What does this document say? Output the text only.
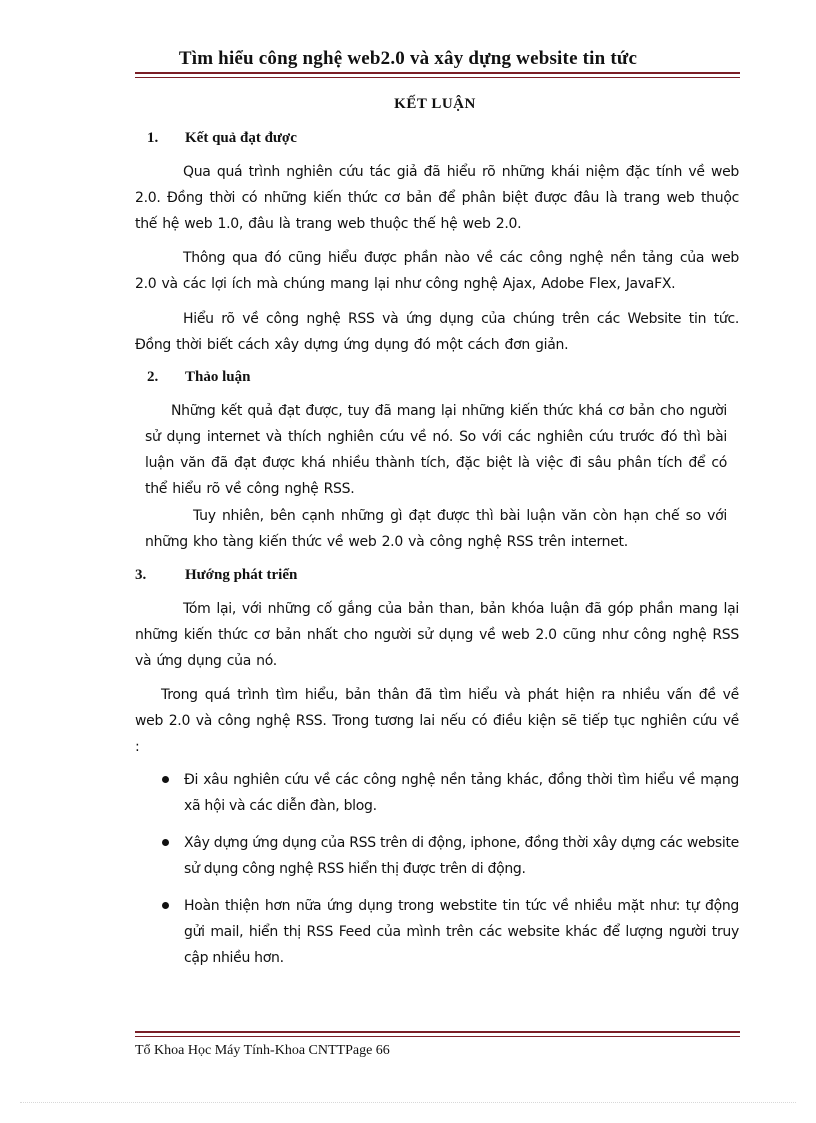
Tìm hiểu công nghệ web2.0 và xây dựng website tin tức
KẾT LUẬN
1. Kết quả đạt được

Qua quá trình nghiên cứu tác giả đã hiểu rõ những khái niệm đặc tính về web 2.0. Đồng thời có những kiến thức cơ bản để phân biệt được đâu là trang web thuộc thế hệ web 1.0, đâu là trang web thuộc thế hệ web 2.0.

Thông qua đó cũng hiểu được phần nào về các công nghệ nền tảng của web 2.0 và các lợi ích mà chúng mang lại như công nghệ Ajax, Adobe Flex, JavaFX.

Hiểu rõ về công nghệ RSS và ứng dụng của chúng trên các Website tin tức. Đồng thời biết cách xây dựng ứng dụng đó một cách đơn giản.

2. Thảo luận

Những kết quả đạt được, tuy đã mang lại những kiến thức khá cơ bản cho người sử dụng internet và thích nghiên cứu về nó. So với các nghiên cứu trước đó thì bài luận văn đã đạt được khá nhiều thành tích, đặc biệt là việc đi sâu phân tích để có thể hiểu rõ về công nghệ RSS.

Tuy nhiên, bên cạnh những gì đạt được thì bài luận văn còn hạn chế so với những kho tàng kiến thức về web 2.0 và công nghệ RSS trên internet.

3.	Hướng phát triển

Tóm lại, với những cố gắng của bản than, bản khóa luận đã góp phần mang lại những kiến thức cơ bản nhất cho người sử dụng về web 2.0 cũng như công nghệ RSS và ứng dụng của nó.

Trong quá trình tìm hiểu, bản thân đã tìm hiểu và phát hiện ra nhiều vấn đề về web 2.0 và công nghệ RSS. Trong tương lai nếu có điều kiện sẽ tiếp tục nghiên cứu về :

Đi xâu nghiên cứu về các công nghệ nền tảng khác, đồng thời tìm hiểu về mạng xã hội và các diễn đàn, blog.

Xây dựng ứng dụng của RSS trên di động, iphone, đồng thời xây dựng các website sử dụng công nghệ RSS hiển thị được trên di động.

Hoàn thiện hơn nữa ứng dụng trong webstite tin tức về nhiều mặt như: tự động gửi mail, hiển thị RSS Feed của mình trên các website khác để lượng người truy cập nhiều hơn.

Tổ Khoa Học Máy Tính-Khoa CNTTPage 66
